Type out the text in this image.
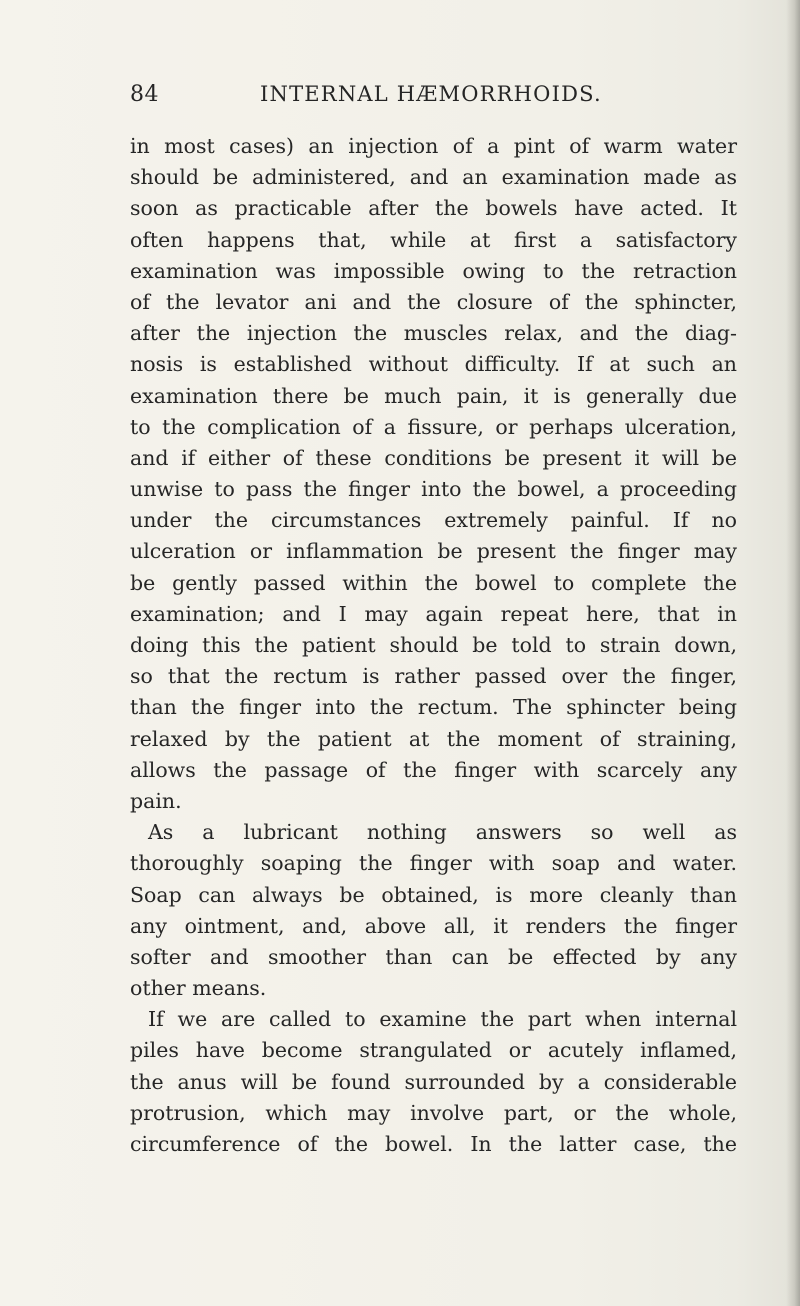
84	INTERNAL HÆMORRHOIDS.
in most cases) an injection of a pint of warm water
should be administered, and an examination made as
soon as practicable after the bowels have acted. It
often happens that, while at first a satisfactory
examination was impossible owing to the retraction
of the levator ani and the closure of the sphincter,
after the injection the muscles relax, and the diag-
nosis is established without difficulty. If at such an
examination there be much pain, it is generally due
to the complication of a fissure, or perhaps ulceration,
and if either of these conditions be present it will be
unwise to pass the finger into the bowel, a proceeding
under the circumstances extremely painful. If no
ulceration or inflammation be present the finger may
be gently passed within the bowel to complete the
examination; and I may again repeat here, that in
doing this the patient should be told to strain down,
so that the rectum is rather passed over the finger,
than the finger into the rectum. The sphincter being
relaxed by the patient at the moment of straining,
allows the passage of the finger with scarcely any
pain.
As a lubricant nothing answers so well as
thoroughly soaping the finger with soap and water.
Soap can always be obtained, is more cleanly than
any ointment, and, above all, it renders the finger
softer and smoother than can be effected by any
other means.
If we are called to examine the part when internal
piles have become strangulated or acutely inflamed,
the anus will be found surrounded by a considerable
protrusion, which may involve part, or the whole,
circumference of the bowel. In the latter case, the
